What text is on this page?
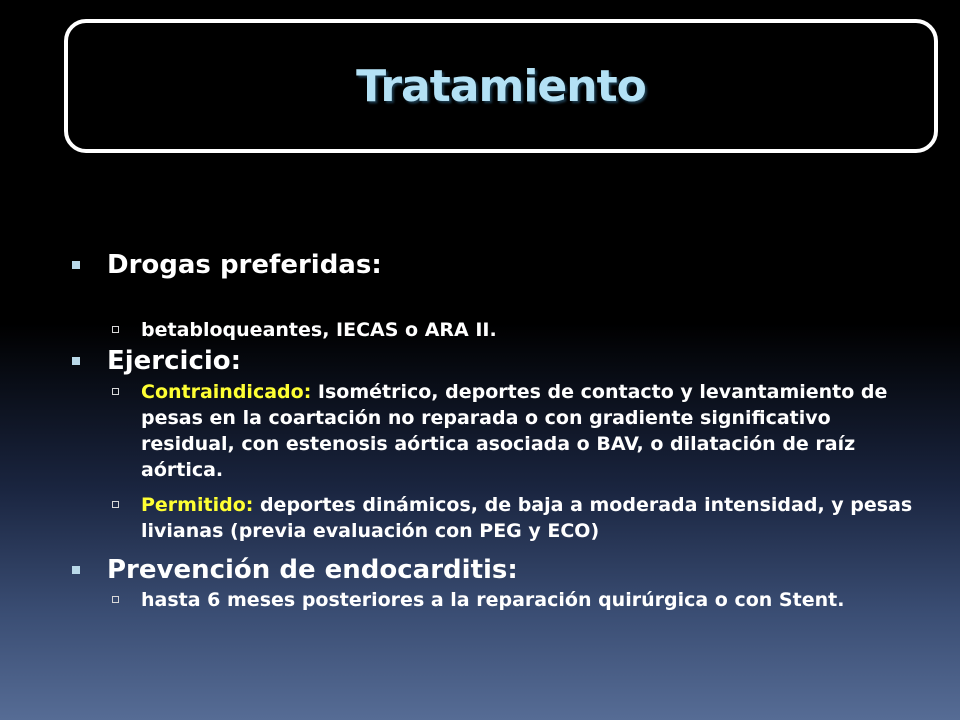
Tratamiento
Drogas preferidas:
betabloqueantes, IECAS o ARA II.
Ejercicio:
Contraindicado: Isométrico, deportes de contacto y levantamiento de pesas en la coartación no reparada o con gradiente significativo residual, con estenosis aórtica asociada o BAV, o dilatación de raíz aórtica.
Permitido: deportes dinámicos, de baja a moderada intensidad, y pesas livianas (previa evaluación con PEG y ECO)
Prevención de endocarditis:
hasta 6 meses posteriores a la reparación quirúrgica o con Stent.
